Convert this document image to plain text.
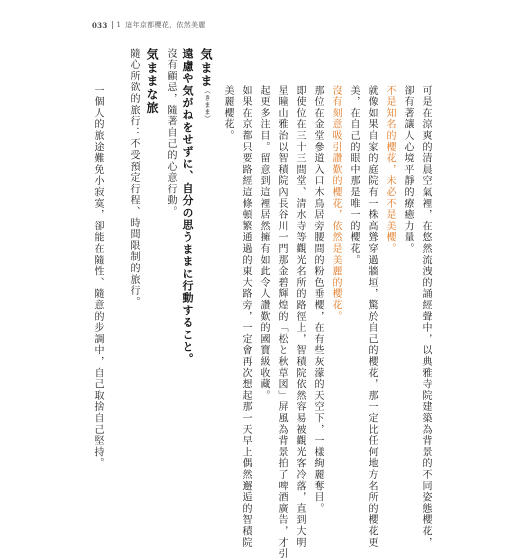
033 1 這年京都櫻花，依然美麗
可是在涼爽的清晨空氣裡，在悠然流洩的誦經聲中，以典雅寺院建築為背景的不同姿態櫻花，
卻有著讓人心境平靜的療癒力量。
不是知名的櫻花，未必不是美櫻。
就像如果自家的庭院有一株高聳穿過牆垣，驚於自己的櫻花，那一定比任何地方名所的櫻花更
美，在自己的眼中那是唯一的櫻花。
沒有刻意吸引讚歎的櫻花，依然是美麗的櫻花。
那位在金堂參道入口木鳥居旁腰間的粉色垂櫻，在有些灰濛的天空下，一樣絢麗奪目。
即使位在三十三間堂、清水寺等觀光名所的路徑上，智積院依然容易被觀光客冷落，直到大明
星瞳山雅治以智積院內長谷川一門那金碧輝煌的「松と秋草図」屏風為背景拍了啤酒廣告，才引
起更多注目。留意到這裡居然擁有如此令人讚歎的國寶級收藏。
美麗櫻花。 如果在京都只要路經這條頓繁通過的東大路旁，一定會再次想起那一天早上偶然邂逅的智積院
気まま（きまま）
遠慮や気がねをせずに、自分の思うままに行動すること。
沒有顧忌，隨著自己的心意行動。
気ままな旅
隨心所欲的旅行：不受預定行程、時間限制的旅行。
一個人的旅途難免小寂寞，卻能在隨性、隨意的步調中，自己取捨自己堅持。
